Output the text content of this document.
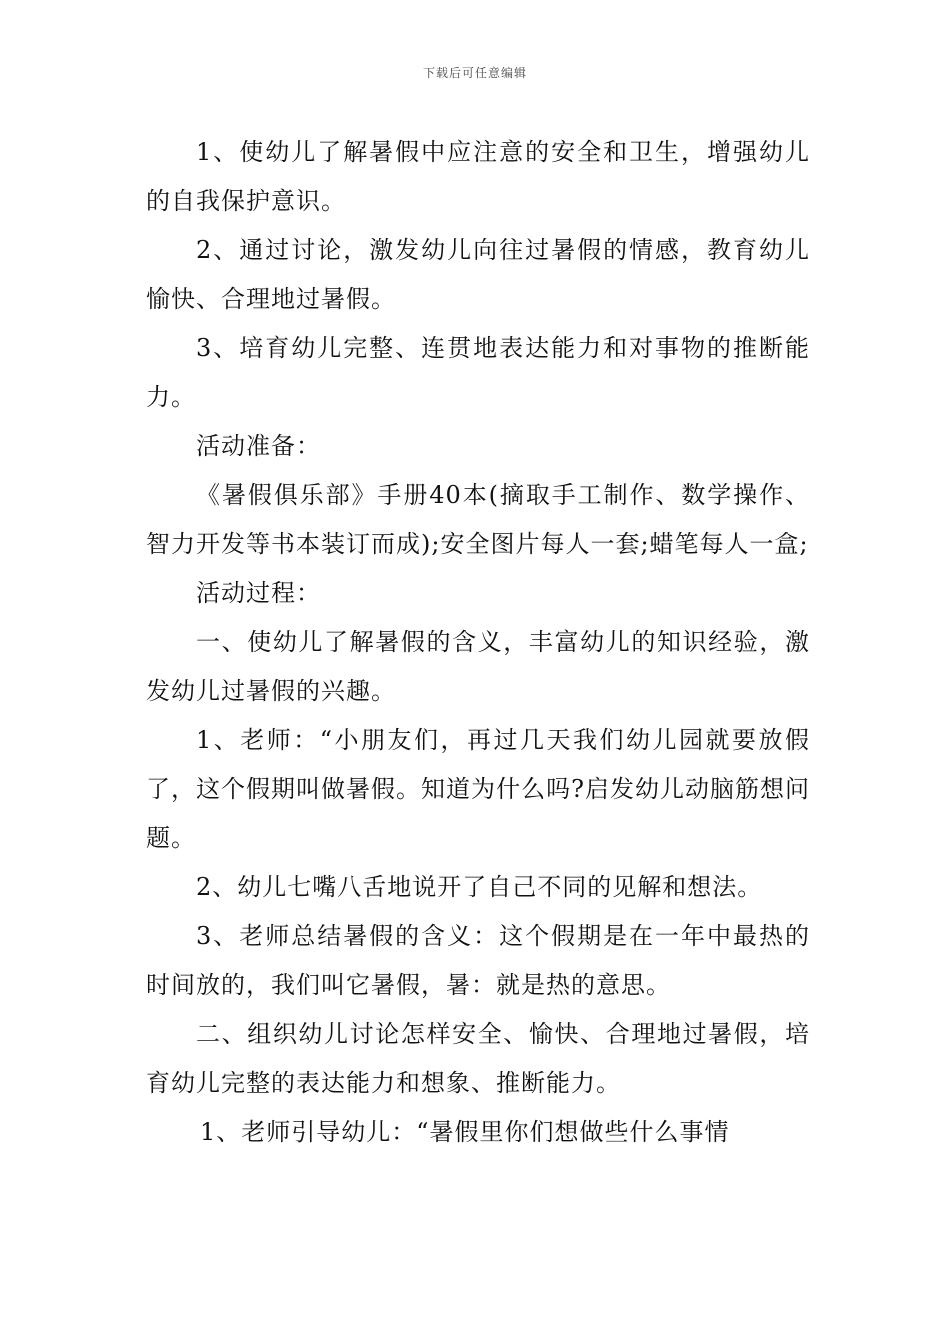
下载后可任意编辑

1、使幼儿了解暑假中应注意的安全和卫生，增强幼儿的自我保护意识。

2、通过讨论，激发幼儿向往过暑假的情感，教育幼儿愉快、合理地过暑假。

3、培育幼儿完整、连贯地表达能力和对事物的推断能力。

活动准备：

《暑假俱乐部》手册40本(摘取手工制作、数学操作、智力开发等书本装订而成);安全图片每人一套;蜡笔每人一盒;

活动过程：

一、使幼儿了解暑假的含义，丰富幼儿的知识经验，激发幼儿过暑假的兴趣。

1、老师：“小朋友们，再过几天我们幼儿园就要放假了，这个假期叫做暑假。知道为什么吗?启发幼儿动脑筋想问题。

2、幼儿七嘴八舌地说开了自己不同的见解和想法。

3、老师总结暑假的含义：这个假期是在一年中最热的时间放的，我们叫它暑假，暑：就是热的意思。

二、组织幼儿讨论怎样安全、愉快、合理地过暑假，培育幼儿完整的表达能力和想象、推断能力。

1、老师引导幼儿：“暑假里你们想做些什么事情
